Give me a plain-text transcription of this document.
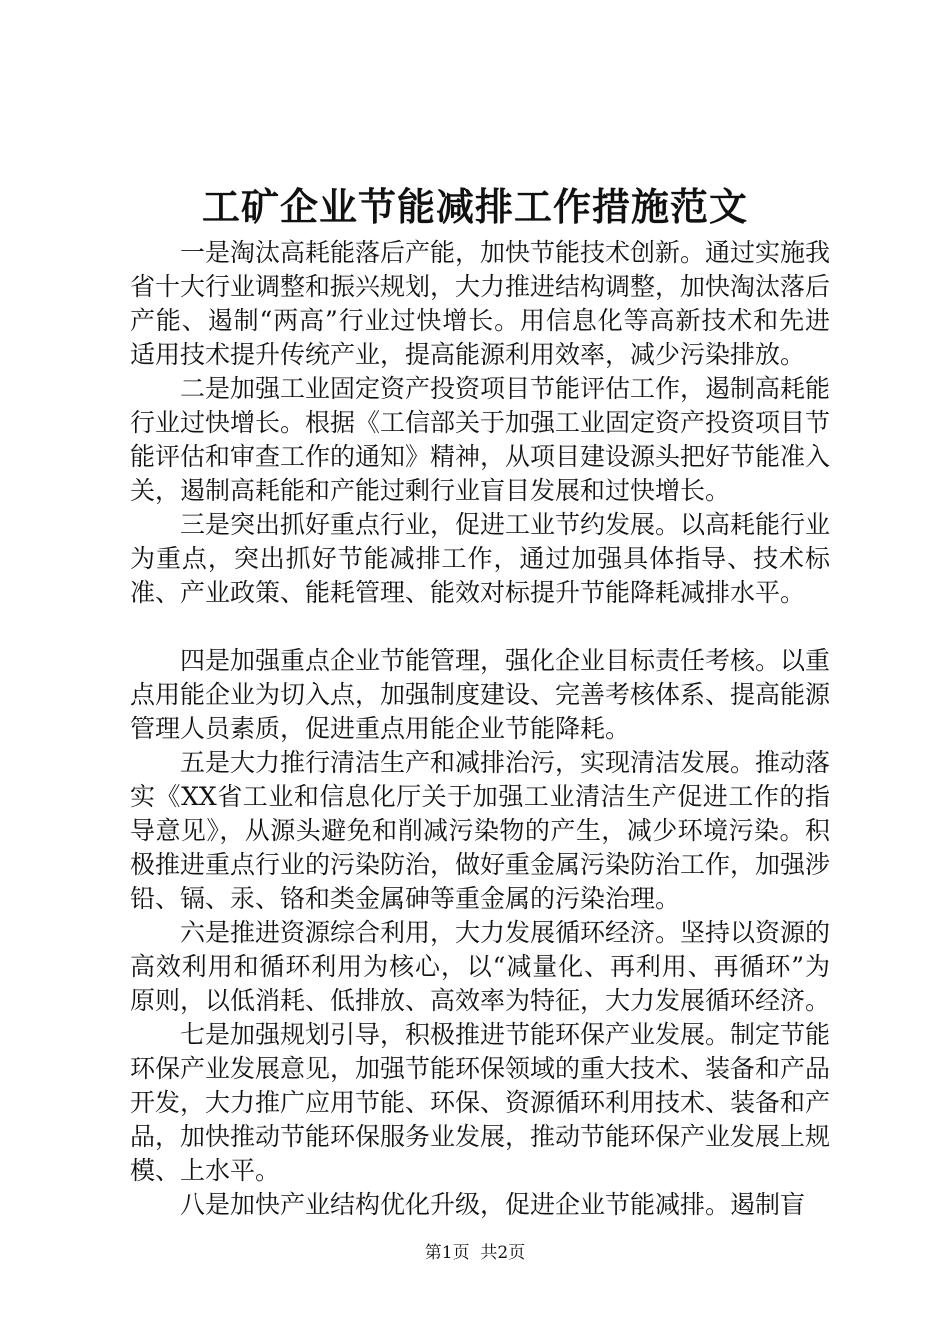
工矿企业节能减排工作措施范文

一是淘汰高耗能落后产能，加快节能技术创新。通过实施我省十大行业调整和振兴规划，大力推进结构调整，加快淘汰落后产能、遏制“两高”行业过快增长。用信息化等高新技术和先进适用技术提升传统产业，提高能源利用效率，减少污染排放。

二是加强工业固定资产投资项目节能评估工作，遏制高耗能行业过快增长。根据《工信部关于加强工业固定资产投资项目节能评估和审查工作的通知》精神，从项目建设源头把好节能准入关，遏制高耗能和产能过剩行业盲目发展和过快增长。

三是突出抓好重点行业，促进工业节约发展。以高耗能行业为重点，突出抓好节能减排工作，通过加强具体指导、技术标准、产业政策、能耗管理、能效对标提升节能降耗减排水平。

四是加强重点企业节能管理，强化企业目标责任考核。以重点用能企业为切入点，加强制度建设、完善考核体系、提高能源管理人员素质，促进重点用能企业节能降耗。

五是大力推行清洁生产和减排治污，实现清洁发展。推动落实《XX省工业和信息化厅关于加强工业清洁生产促进工作的指导意见》，从源头避免和削减污染物的产生，减少环境污染。积极推进重点行业的污染防治，做好重金属污染防治工作，加强涉铅、镉、汞、铬和类金属砷等重金属的污染治理。

六是推进资源综合利用，大力发展循环经济。坚持以资源的高效利用和循环利用为核心，以“减量化、再利用、再循环”为原则，以低消耗、低排放、高效率为特征，大力发展循环经济。

七是加强规划引导，积极推进节能环保产业发展。制定节能环保产业发展意见，加强节能环保领域的重大技术、装备和产品开发，大力推广应用节能、环保、资源循环利用技术、装备和产品，加快推动节能环保服务业发展，推动节能环保产业发展上规模、上水平。

八是加快产业结构优化升级，促进企业节能减排。遏制盲

第1页 共2页
